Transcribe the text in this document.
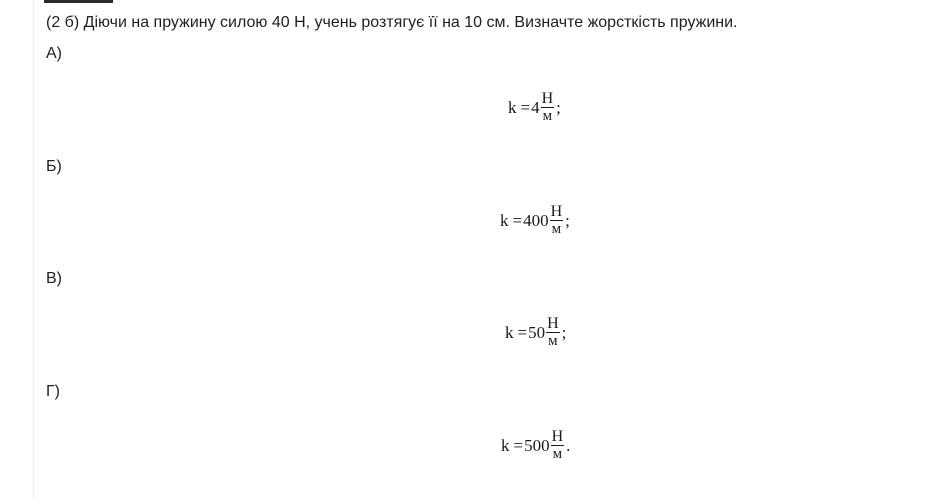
(2 б) Діючи на пружину силою 40 Н, учень розтягує її на 10 см. Визначте жорсткість пружини.
А)
$k = 4 \frac{Н}{м}$ ;
Б)
$k = 400 \frac{Н}{м}$ ;
В)
$k = 50 \frac{Н}{м}$ ;
Г)
$k = 500 \frac{Н}{м}$ .
